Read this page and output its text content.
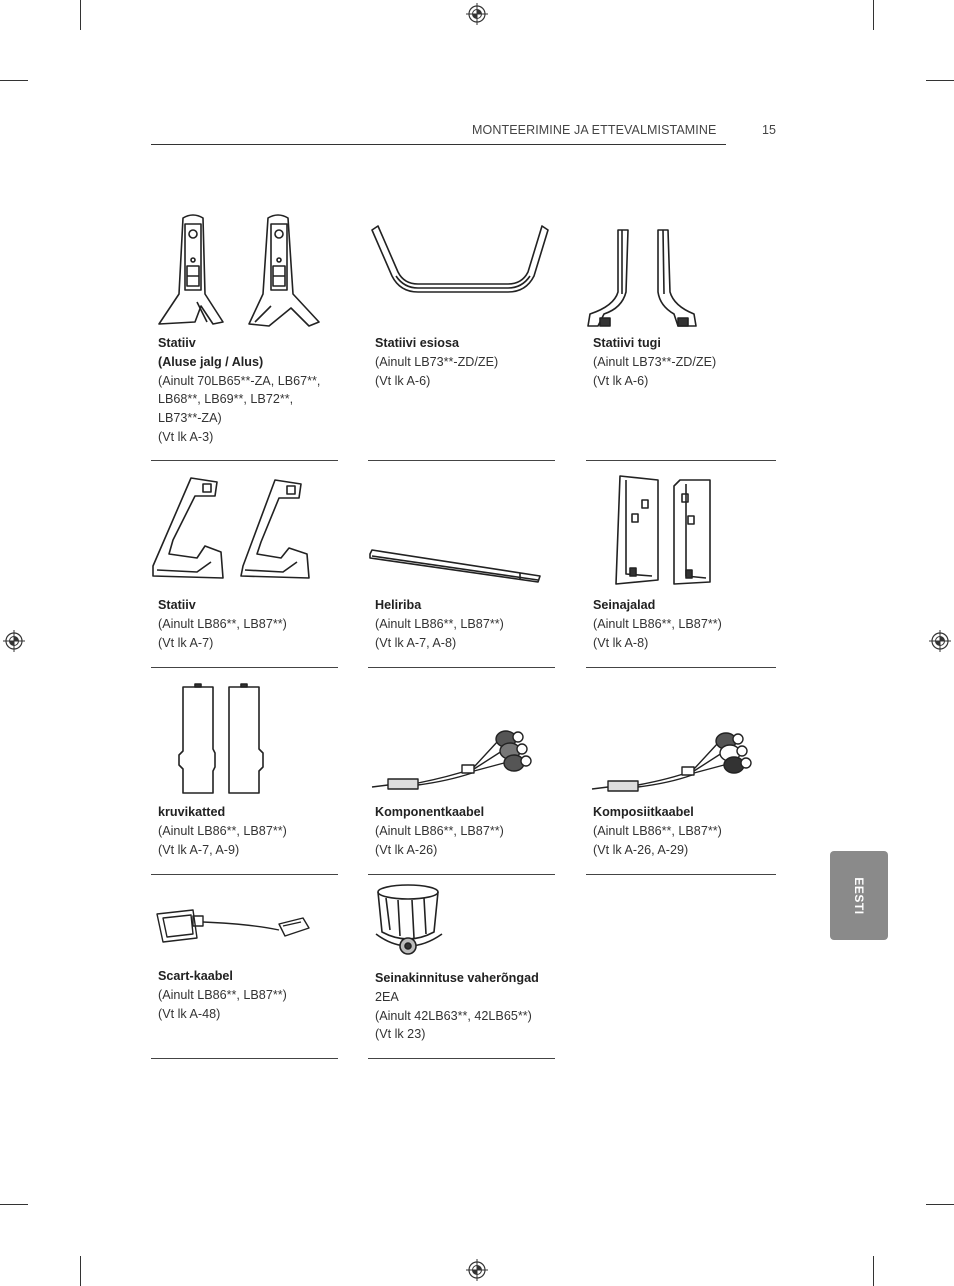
MONTEERIMINE JA ETTEVALMISTAMINE	15
Statiiv
(Aluse jalg / Alus)
(Ainult 70LB65**-ZA, LB67**,
LB68**, LB69**, LB72**,
LB73**-ZA)
(Vt lk A-3)
Statiivi esiosa
(Ainult LB73**-ZD/ZE)
(Vt lk A-6)
Statiivi tugi
(Ainult LB73**-ZD/ZE)
(Vt lk A-6)
Statiiv
(Ainult LB86**, LB87**)
(Vt lk A-7)
Heliriba
(Ainult LB86**, LB87**)
(Vt lk A-7, A-8)
Seinajalad
(Ainult LB86**, LB87**)
(Vt lk A-8)
kruvikatted
(Ainult LB86**, LB87**)
(Vt lk A-7, A-9)
Komponentkaabel
(Ainult LB86**, LB87**)
(Vt lk A-26)
Komposiitkaabel
(Ainult LB86**, LB87**)
(Vt lk A-26, A-29)
Scart-kaabel
(Ainult LB86**, LB87**)
(Vt lk A-48)
Seinakinnituse vaherõngad
2EA
(Ainult 42LB63**, 42LB65**)
(Vt lk 23)
EESTI
